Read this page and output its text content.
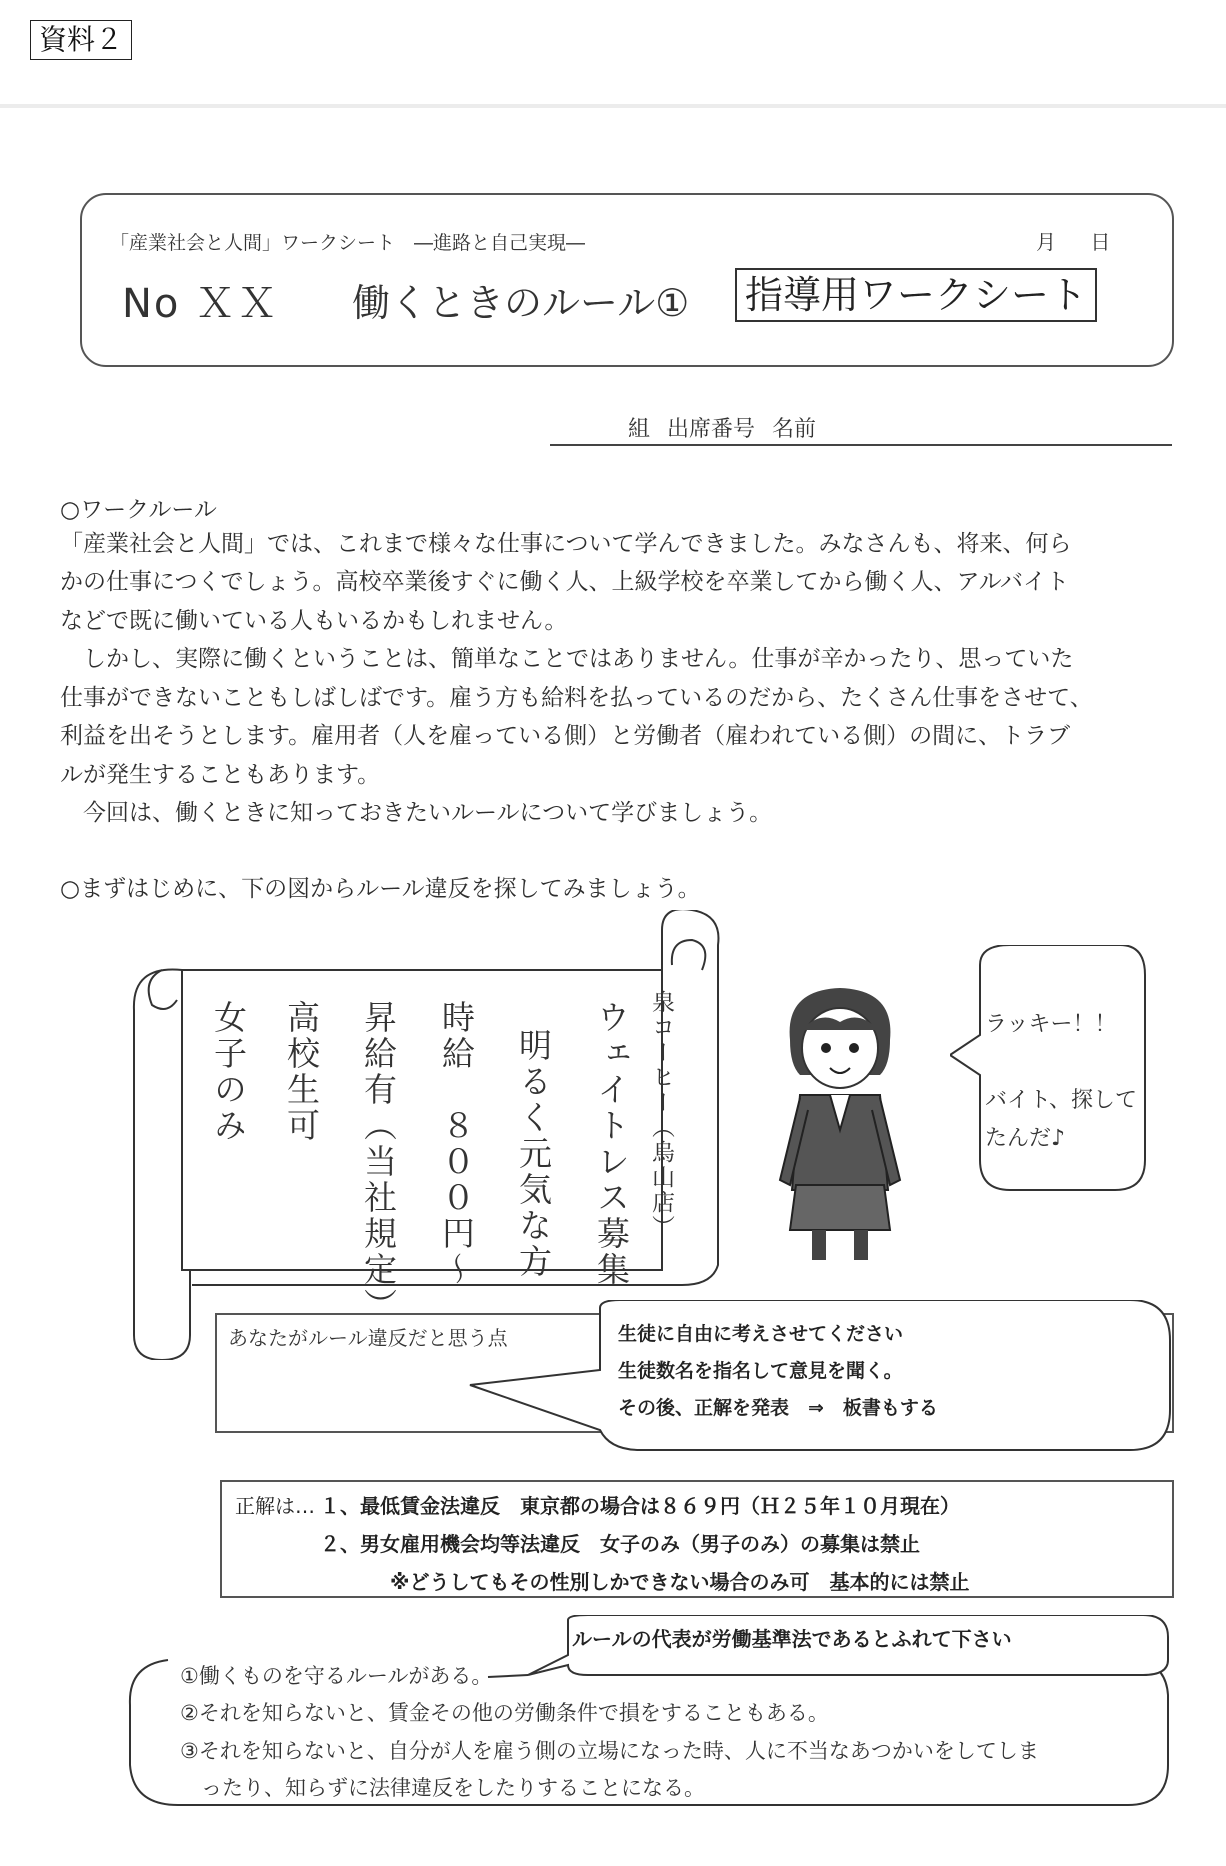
資料２
「産業社会と人間」ワークシート　―進路と自己実現―	月 日
No ＸＸ 働くときのルール① 指導用ワークシート
組 出席番号 名前
○ワークルール
「産業社会と人間」では、これまで様々な仕事について学んできました。みなさんも、将来、何ら
かの仕事につくでしょう。高校卒業後すぐに働く人、上級学校を卒業してから働く人、アルバイト
などで既に働いている人もいるかもしれません。
　しかし、実際に働くということは、簡単なことではありません。仕事が辛かったり、思っていた
仕事ができないこともしばしばです。雇う方も給料を払っているのだから、たくさん仕事をさせて、
利益を出そうとします。雇用者（人を雇っている側）と労働者（雇われている側）の間に、トラブ
ルが発生することもあります。
　今回は、働くときに知っておきたいルールについて学びましょう。
○まずはじめに、下の図からルール違反を探してみましょう。
泉コーヒー（烏山店）
ウェイトレス募集
明るく元気な方
時給　８００円～
昇給有（当社規定）
高校生可
女子のみ	ラッキー！！
バイト、探して
たんだ♪
あなたがルール違反だと思う点	生徒に自由に考えさせてください
生徒数名を指名して意見を聞く。
その後、正解を発表　⇒　板書もする
正解は… １、最低賃金法違反　東京都の場合は８６９円（Ｈ２５年１０月現在）
２、男女雇用機会均等法違反　女子のみ（男子のみ）の募集は禁止
※どうしてもその性別しかできない場合のみ可　基本的には禁止
ルールの代表が労働基準法であるとふれて下さい
①働くものを守るルールがある。
②それを知らないと、賃金その他の労働条件で損をすることもある。
③それを知らないと、自分が人を雇う側の立場になった時、人に不当なあつかいをしてしま
　ったり、知らずに法律違反をしたりすることになる。
